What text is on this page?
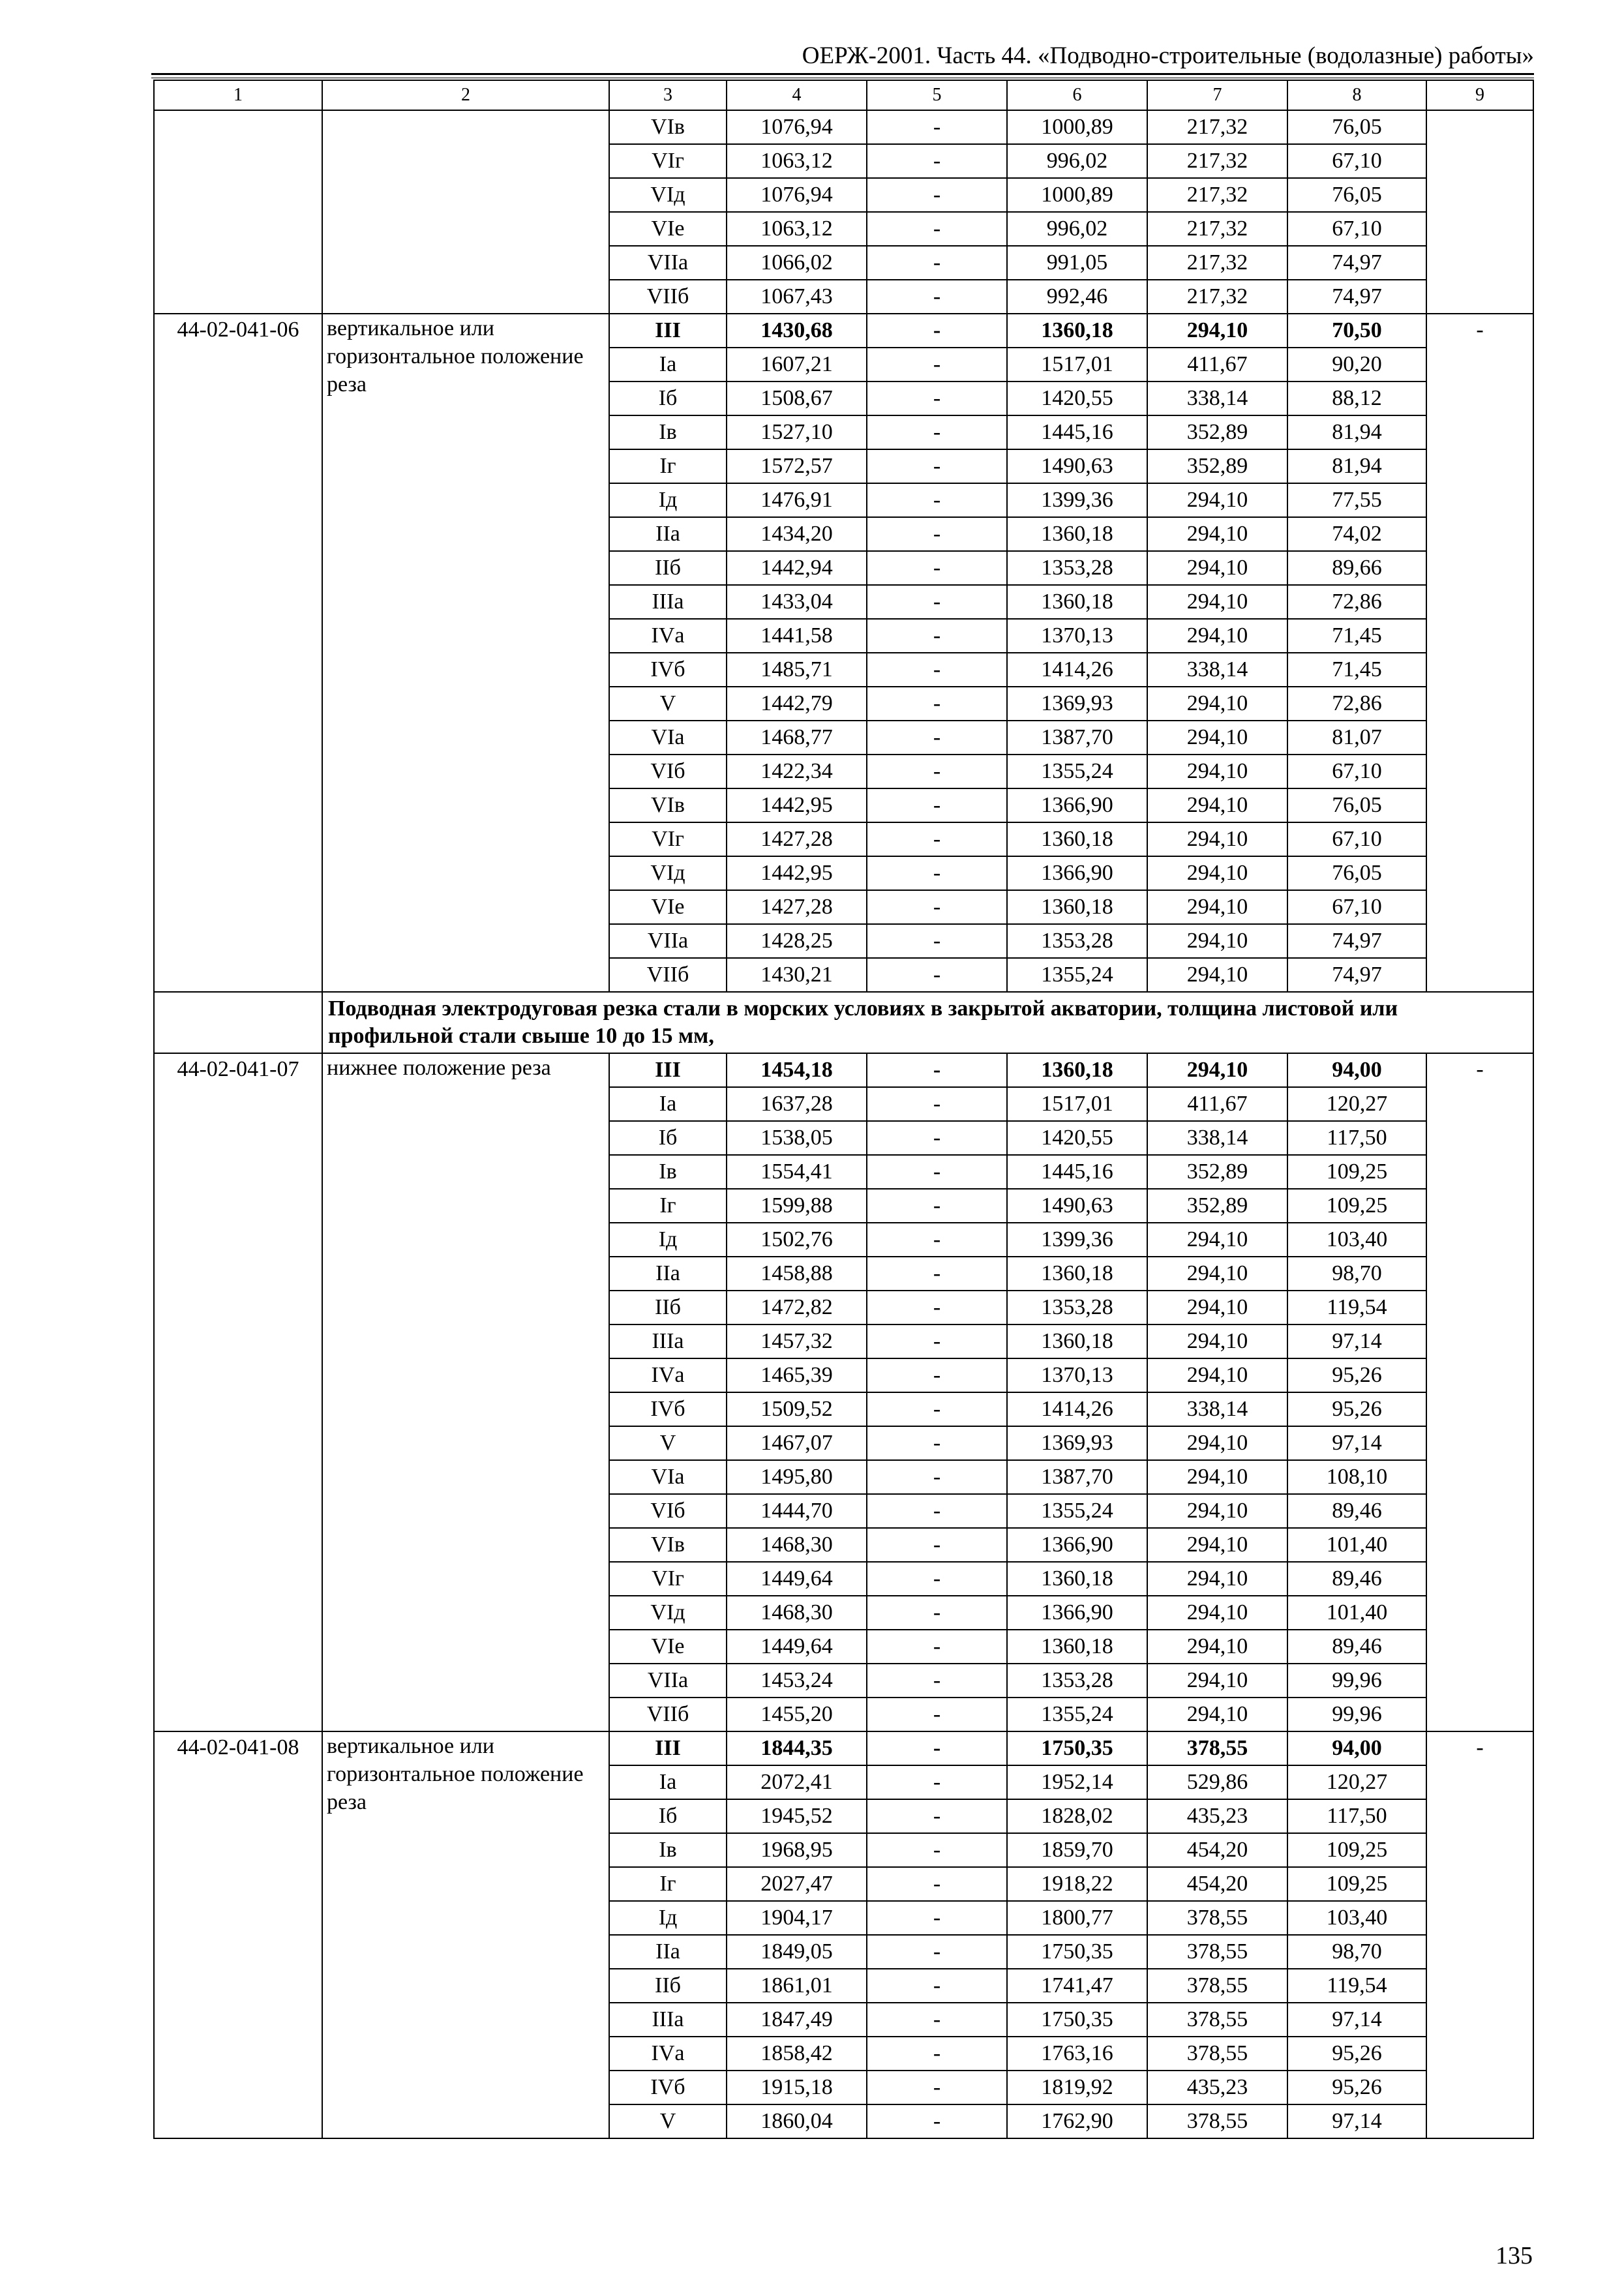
ОЕРЖ-2001. Часть 44. «Подводно-строительные (водолазные) работы»
1	2	3	4	5	6	7	8	9
		VIв	1076,94	-	1000,89	217,32	76,05	
		VIг	1063,12	-	996,02	217,32	67,10	
		VIд	1076,94	-	1000,89	217,32	76,05	
		VIе	1063,12	-	996,02	217,32	67,10	
		VIIа	1066,02	-	991,05	217,32	74,97	
		VIIб	1067,43	-	992,46	217,32	74,97	
44-02-041-06	вертикальное или горизонтальное положение реза	III	1430,68	-	1360,18	294,10	70,50	-
		Iа	1607,21	-	1517,01	411,67	90,20	
		Iб	1508,67	-	1420,55	338,14	88,12	
		Iв	1527,10	-	1445,16	352,89	81,94	
		Iг	1572,57	-	1490,63	352,89	81,94	
		Iд	1476,91	-	1399,36	294,10	77,55	
		IIа	1434,20	-	1360,18	294,10	74,02	
		IIб	1442,94	-	1353,28	294,10	89,66	
		IIIа	1433,04	-	1360,18	294,10	72,86	
		IVа	1441,58	-	1370,13	294,10	71,45	
		IVб	1485,71	-	1414,26	338,14	71,45	
		V	1442,79	-	1369,93	294,10	72,86	
		VIа	1468,77	-	1387,70	294,10	81,07	
		VIб	1422,34	-	1355,24	294,10	67,10	
		VIв	1442,95	-	1366,90	294,10	76,05	
		VIг	1427,28	-	1360,18	294,10	67,10	
		VIд	1442,95	-	1366,90	294,10	76,05	
		VIе	1427,28	-	1360,18	294,10	67,10	
		VIIа	1428,25	-	1353,28	294,10	74,97	
		VIIб	1430,21	-	1355,24	294,10	74,97	
	Подводная электродуговая резка стали в морских условиях в закрытой акватории, толщина листовой или профильной стали свыше 10 до 15 мм,							
44-02-041-07	нижнее положение реза	III	1454,18	-	1360,18	294,10	94,00	-
		Iа	1637,28	-	1517,01	411,67	120,27	
		Iб	1538,05	-	1420,55	338,14	117,50	
		Iв	1554,41	-	1445,16	352,89	109,25	
		Iг	1599,88	-	1490,63	352,89	109,25	
		Iд	1502,76	-	1399,36	294,10	103,40	
		IIа	1458,88	-	1360,18	294,10	98,70	
		IIб	1472,82	-	1353,28	294,10	119,54	
		IIIа	1457,32	-	1360,18	294,10	97,14	
		IVа	1465,39	-	1370,13	294,10	95,26	
		IVб	1509,52	-	1414,26	338,14	95,26	
		V	1467,07	-	1369,93	294,10	97,14	
		VIа	1495,80	-	1387,70	294,10	108,10	
		VIб	1444,70	-	1355,24	294,10	89,46	
		VIв	1468,30	-	1366,90	294,10	101,40	
		VIг	1449,64	-	1360,18	294,10	89,46	
		VIд	1468,30	-	1366,90	294,10	101,40	
		VIе	1449,64	-	1360,18	294,10	89,46	
		VIIа	1453,24	-	1353,28	294,10	99,96	
		VIIб	1455,20	-	1355,24	294,10	99,96	
44-02-041-08	вертикальное или горизонтальное положение реза	III	1844,35	-	1750,35	378,55	94,00	-
		Iа	2072,41	-	1952,14	529,86	120,27	
		Iб	1945,52	-	1828,02	435,23	117,50	
		Iв	1968,95	-	1859,70	454,20	109,25	
		Iг	2027,47	-	1918,22	454,20	109,25	
		Iд	1904,17	-	1800,77	378,55	103,40	
		IIа	1849,05	-	1750,35	378,55	98,70	
		IIб	1861,01	-	1741,47	378,55	119,54	
		IIIа	1847,49	-	1750,35	378,55	97,14	
		IVа	1858,42	-	1763,16	378,55	95,26	
		IVб	1915,18	-	1819,92	435,23	95,26	
		V	1860,04	-	1762,90	378,55	97,14	
135
